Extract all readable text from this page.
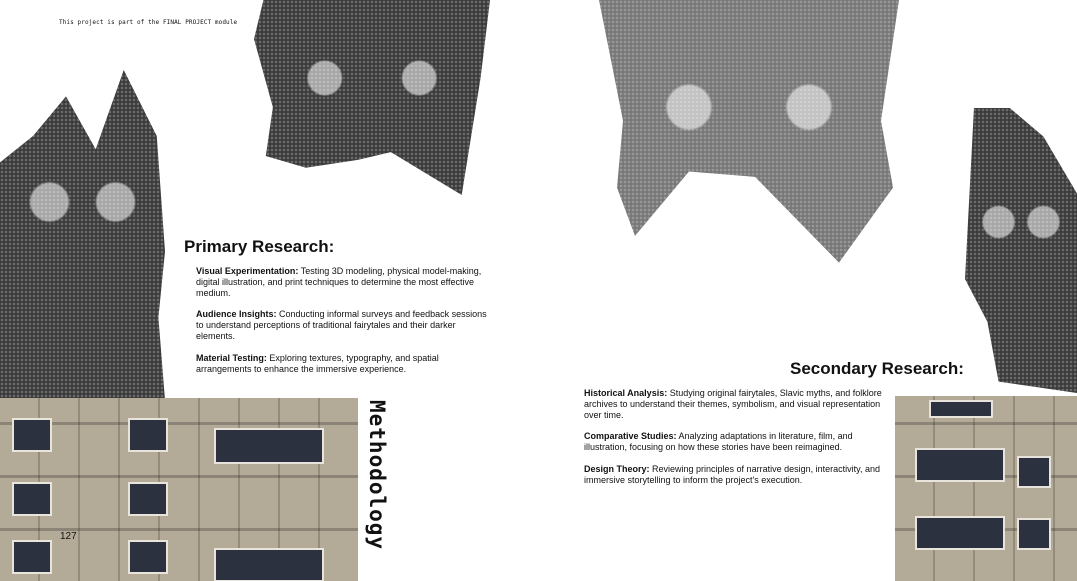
This project is part of the FINAL PROJECT module
Primary Research:
Visual Experimentation: Testing 3D modeling, physical model-making, digital illustration, and print techniques to determine the most effective medium.
Audience Insights: Conducting informal surveys and feedback sessions to understand perceptions of traditional fairytales and their darker elements.
Material Testing: Exploring textures, typography, and spatial arrangements to enhance the immersive experience.
Methodology
127
Secondary Research:
Historical Analysis: Studying original fairytales, Slavic myths, and folklore archives to understand their themes, symbolism, and visual representation over time.
Comparative Studies: Analyzing adaptations in literature, film, and illustration, focusing on how these stories have been reimagined.
Design Theory: Reviewing principles of narrative design, interactivity, and immersive storytelling to inform the project's execution.
